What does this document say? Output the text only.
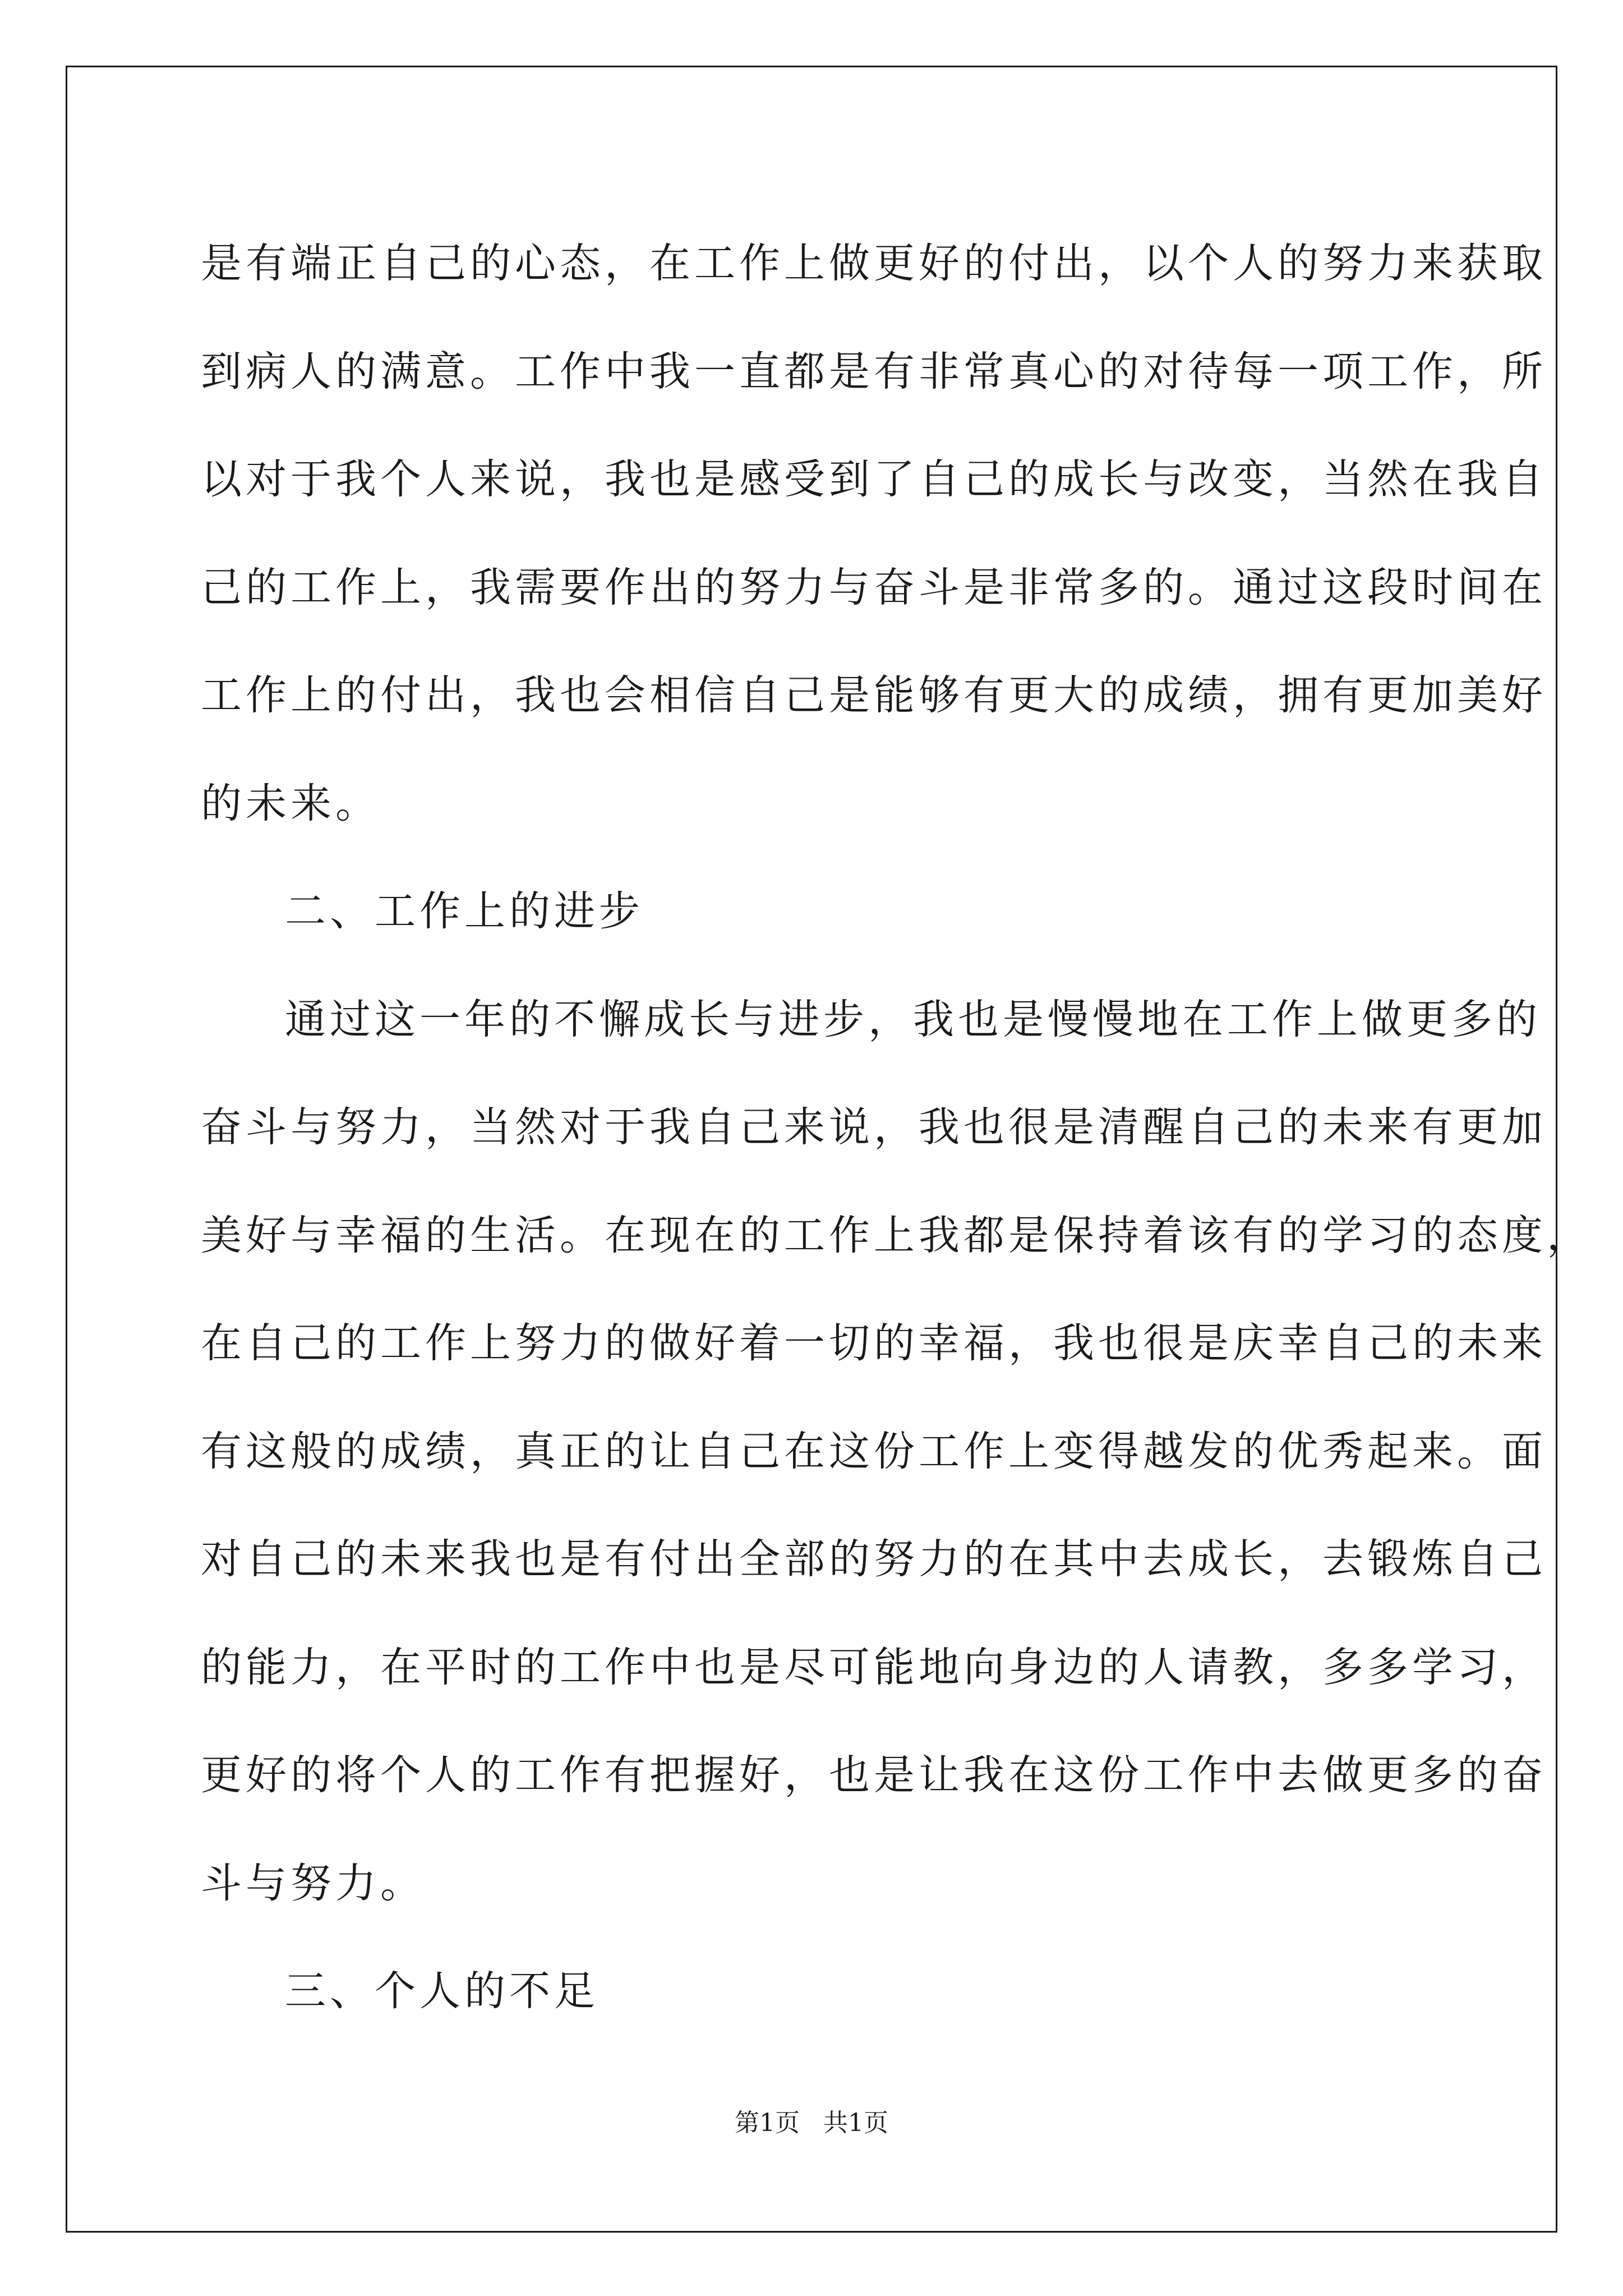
是有端正自己的心态，在工作上做更好的付出，以个人的努力来获取
到病人的满意。工作中我一直都是有非常真心的对待每一项工作，所
以对于我个人来说，我也是感受到了自己的成长与改变，当然在我自
己的工作上，我需要作出的努力与奋斗是非常多的。通过这段时间在
工作上的付出，我也会相信自己是能够有更大的成绩，拥有更加美好
的未来。
二、工作上的进步
通过这一年的不懈成长与进步，我也是慢慢地在工作上做更多的
奋斗与努力，当然对于我自己来说，我也很是清醒自己的未来有更加
美好与幸福的生活。在现在的工作上我都是保持着该有的学习的态度，
在自己的工作上努力的做好着一切的幸福，我也很是庆幸自己的未来
有这般的成绩，真正的让自己在这份工作上变得越发的优秀起来。面
对自己的未来我也是有付出全部的努力的在其中去成长，去锻炼自己
的能力，在平时的工作中也是尽可能地向身边的人请教，多多学习，
更好的将个人的工作有把握好，也是让我在这份工作中去做更多的奋
斗与努力。
三、个人的不足
第1页   共1页
